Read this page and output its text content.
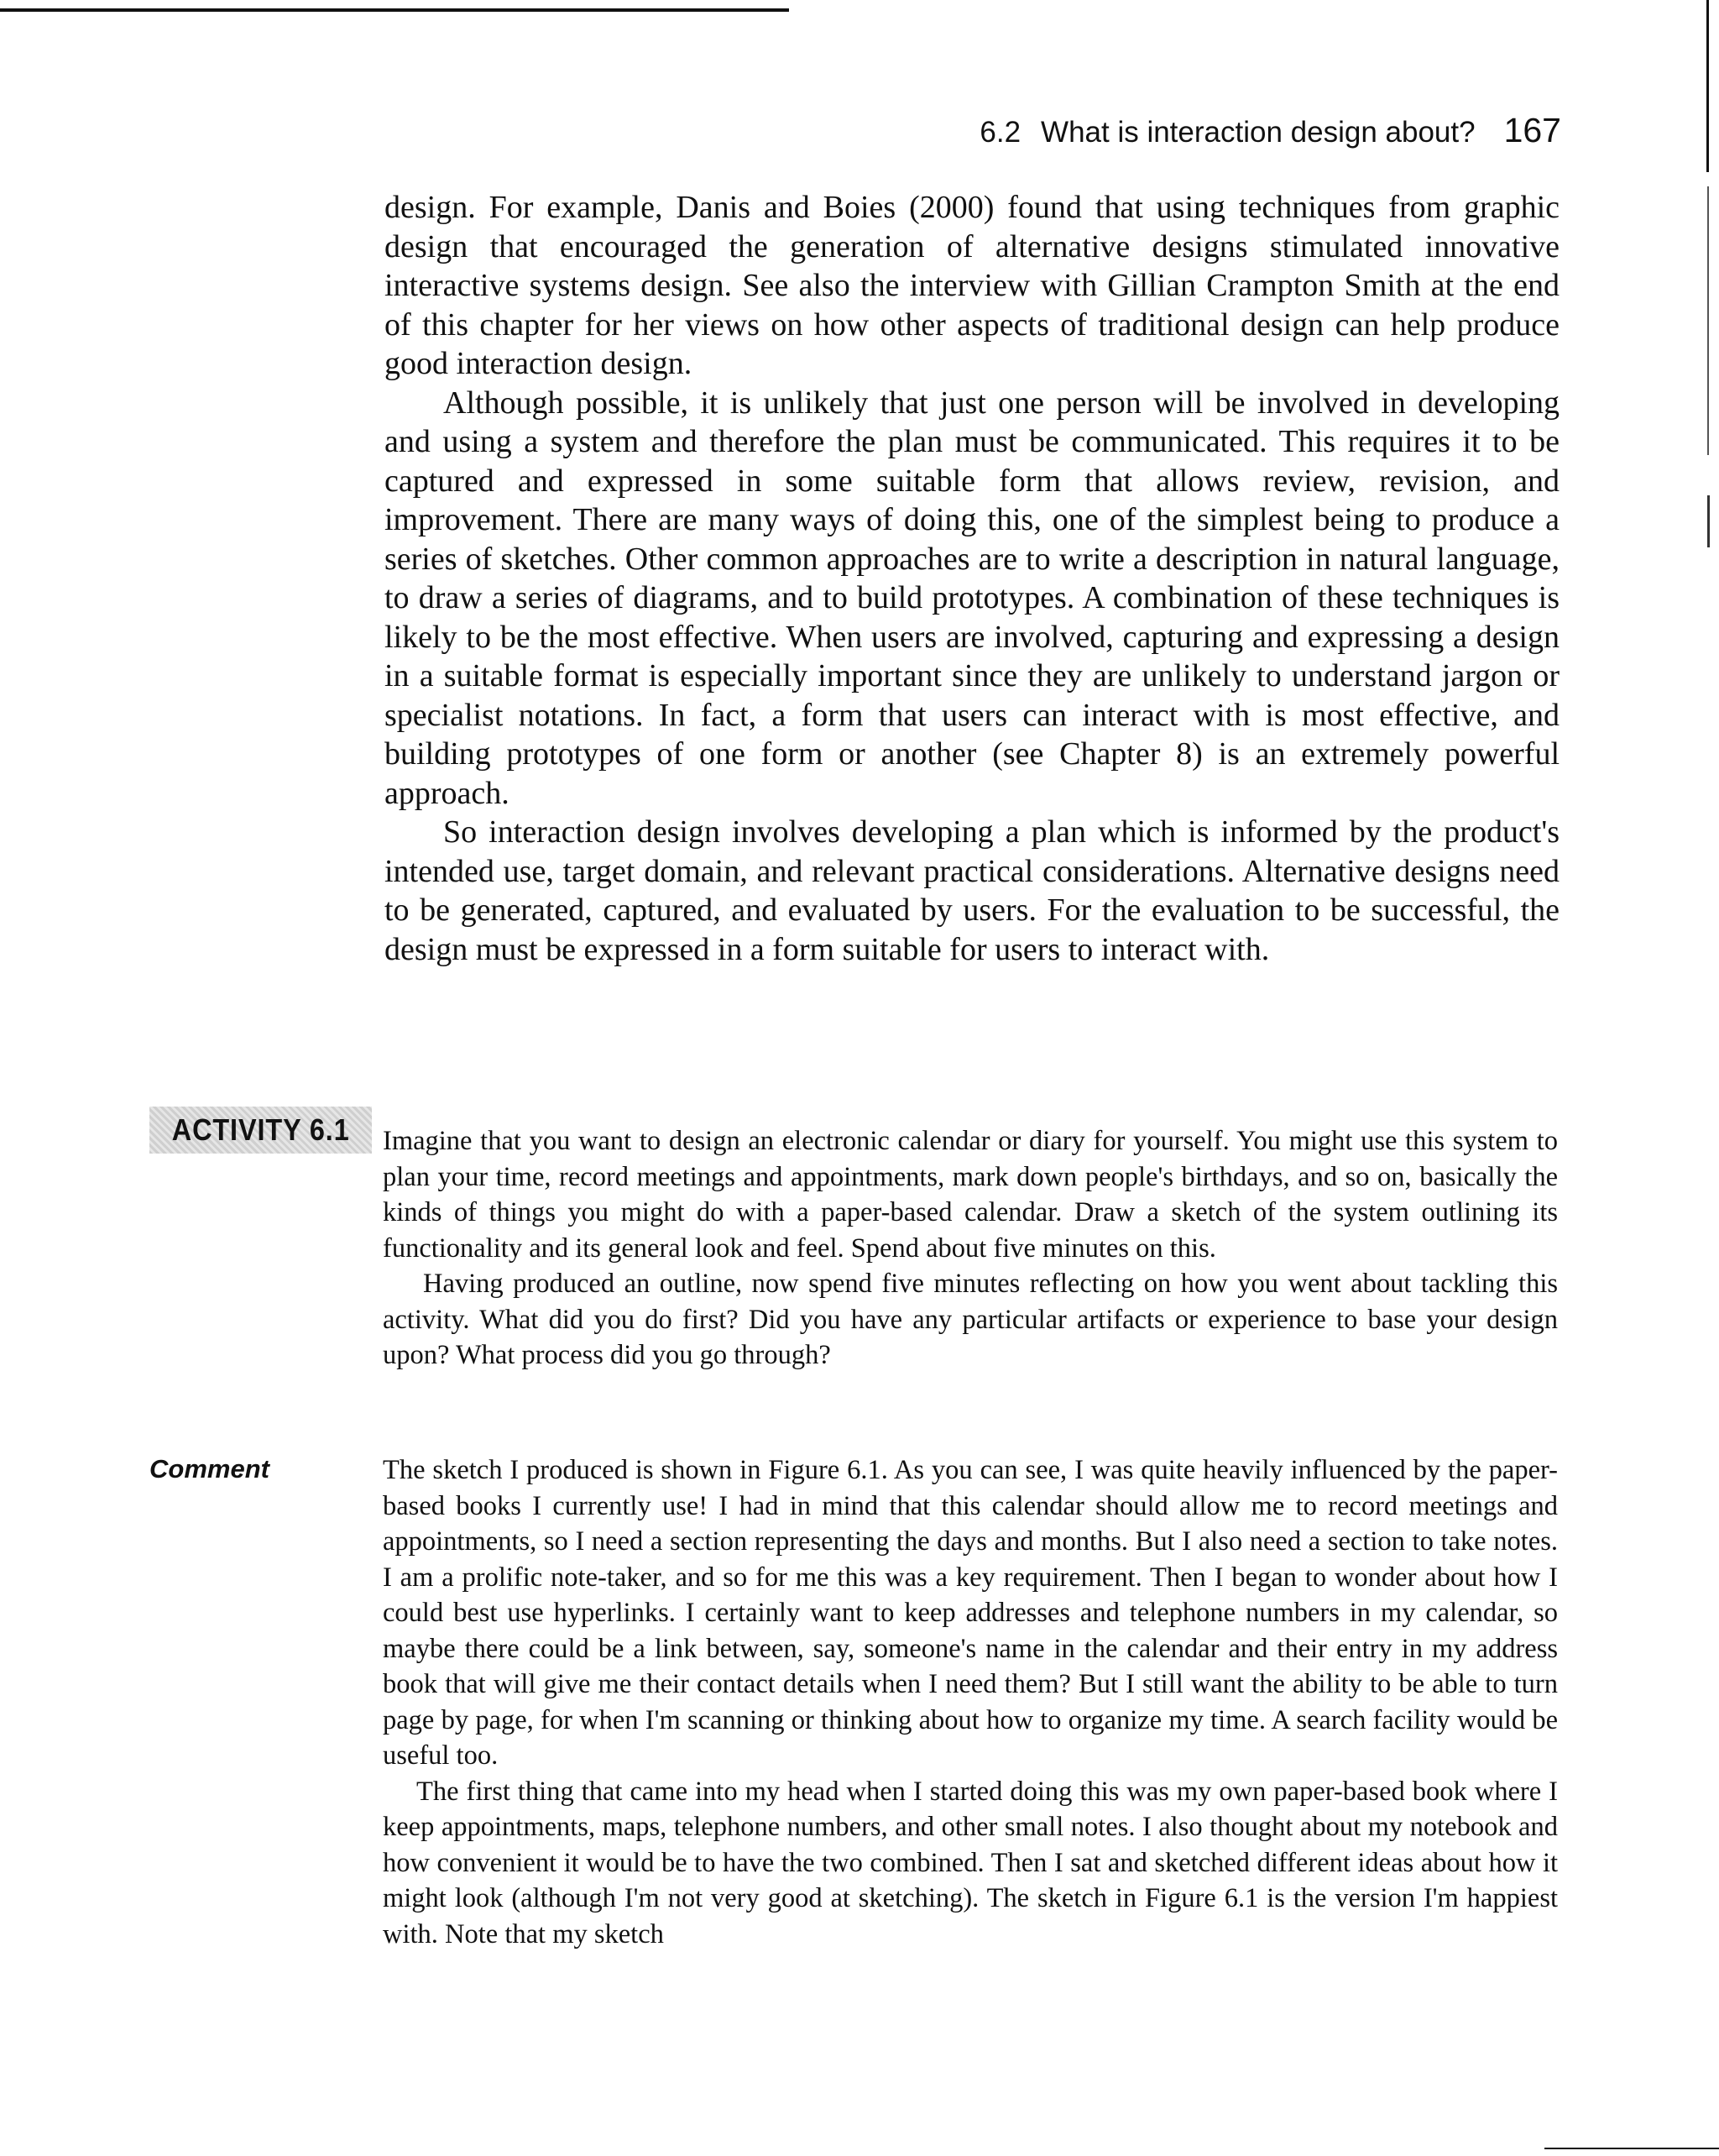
6.2 What is interaction design about? 167

design. For example, Danis and Boies (2000) found that using techniques from graphic design that encouraged the generation of alternative designs stimulated innovative interactive systems design. See also the interview with Gillian Crampton Smith at the end of this chapter for her views on how other aspects of traditional design can help produce good interaction design.

Although possible, it is unlikely that just one person will be involved in developing and using a system and therefore the plan must be communicated. This requires it to be captured and expressed in some suitable form that allows review, revision, and improvement. There are many ways of doing this, one of the simplest being to produce a series of sketches. Other common approaches are to write a description in natural language, to draw a series of diagrams, and to build prototypes. A combination of these techniques is likely to be the most effective. When users are involved, capturing and expressing a design in a suitable format is especially important since they are unlikely to understand jargon or specialist notations. In fact, a form that users can interact with is most effective, and building prototypes of one form or another (see Chapter 8) is an extremely powerful approach.

So interaction design involves developing a plan which is informed by the product's intended use, target domain, and relevant practical considerations. Alternative designs need to be generated, captured, and evaluated by users. For the evaluation to be successful, the design must be expressed in a form suitable for users to interact with.

ACTIVITY 6.1 Imagine that you want to design an electronic calendar or diary for yourself. You might use this system to plan your time, record meetings and appointments, mark down people's birthdays, and so on, basically the kinds of things you might do with a paper-based calendar. Draw a sketch of the system outlining its functionality and its general look and feel. Spend about five minutes on this.

Having produced an outline, now spend five minutes reflecting on how you went about tackling this activity. What did you do first? Did you have any particular artifacts or experience to base your design upon? What process did you go through?

Comment	The sketch I produced is shown in Figure 6.1. As you can see, I was quite heavily influenced by the paper-based books I currently use! I had in mind that this calendar should allow me to record meetings and appointments, so I need a section representing the days and months. But I also need a section to take notes. I am a prolific note-taker, and so for me this was a key requirement. Then I began to wonder about how I could best use hyperlinks. I certainly want to keep addresses and telephone numbers in my calendar, so maybe there could be a link between, say, someone's name in the calendar and their entry in my address book that will give me their contact details when I need them? But I still want the ability to be able to turn page by page, for when I'm scanning or thinking about how to organize my time. A search facility would be useful too.

The first thing that came into my head when I started doing this was my own paper-based book where I keep appointments, maps, telephone numbers, and other small notes. I also thought about my notebook and how convenient it would be to have the two combined. Then I sat and sketched different ideas about how it might look (although I'm not very good at sketching). The sketch in Figure 6.1 is the version I'm happiest with. Note that my sketch
